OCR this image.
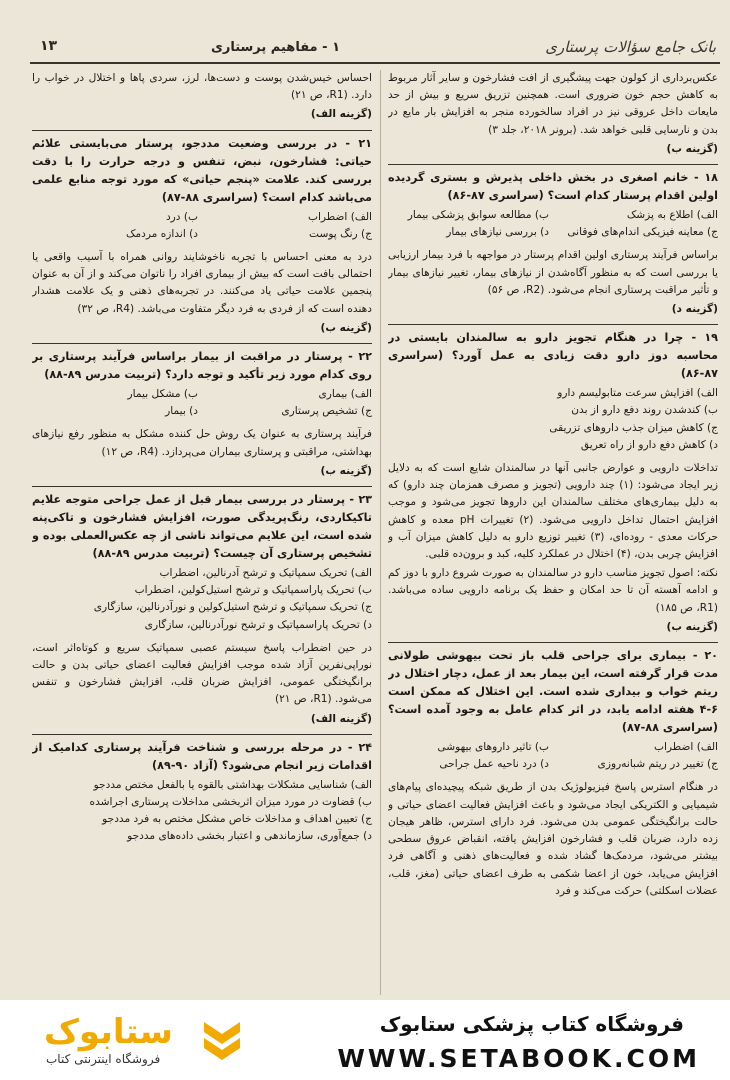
بانک جامع سؤالات پرستاری
۱ - مفاهیم پرستاری
۱۳

عکس‌برداری از کولون جهت پیشگیری از افت فشارخون و سایر آثار مربوط به کاهش حجم خون ضروری است. همچنین تزریق سریع و بیش از حد مایعات داخل عروقی نیز در افراد سالخورده منجر به افزایش بار مایع در بدن و نارسایی قلبی خواهد شد. (برونر ۲۰۱۸، جلد ۳)

(گزینه ب)

۱۸ - خانم اصغری در بخش داخلی پذیرش و بستری گردیده اولین اقدام پرستار کدام است؟ (سراسری ۸۷-۸۶)

الف) اطلاع به پزشک
ب) مطالعه سوابق پزشکی بیمار
ج) معاینه فیزیکی اندام‌های فوقانی
د) بررسی نیازهای بیمار

براساس فرآیند پرستاری اولین اقدام پرستار در مواجهه با فرد بیمار ارزیابی یا بررسی است که به منظور آگاه‌شدن از نیازهای بیمار، تغییر نیازهای بیمار و تأثیر مراقبت پرستاری انجام می‌شود. (R2، ص ۵۶)

(گزینه د)

۱۹ - چرا در هنگام تجویز دارو به سالمندان بایستی در محاسبه دوز دارو دقت زیادی به عمل آورد؟ (سراسری ۸۷-۸۶)

الف) افزایش سرعت متابولیسم دارو
ب) کندشدن روند دفع دارو از بدن
ج) کاهش میزان جذب داروهای تزریقی
د) کاهش دفع دارو از راه تعریق

تداخلات دارویی و عوارض جانبی آنها در سالمندان شایع است که به دلایل زیر ایجاد می‌شود: (۱) چند دارویی (تجویز و مصرف همزمان چند دارو) که به دلیل بیماری‌های مختلف سالمندان این داروها تجویز می‌شود و موجب افزایش احتمال تداخل دارویی می‌شود. (۲) تغییرات pH معده و کاهش حرکات معدی - روده‌ای، (۳) تغییر توزیع دارو به دلیل کاهش میزان آب و افزایش چربی بدن، (۴) اختلال در عملکرد کلیه، کبد و برون‌ده قلبی.

نکته: اصول تجویز مناسب دارو در سالمندان به صورت شروع دارو با دوز کم و ادامه آهسته آن تا حد امکان و حفظ یک برنامه دارویی ساده می‌باشد. (R1، ص ۱۸۵)

(گزینه ب)

۲۰ - بیماری برای جراحی قلب باز تحت بیهوشی طولانی مدت قرار گرفته است، این بیمار بعد از عمل، دچار اختلال در ریتم خواب و بیداری شده است. این اختلال که ممکن است ۶-۴ هفته ادامه یابد، در اثر کدام عامل به وجود آمده است؟ (سراسری ۸۸-۸۷)

الف) اضطراب
ب) تاثیر داروهای بیهوشی
ج) تغییر در ریتم شبانه‌روزی
د) درد ناحیه عمل جراحی

در هنگام استرس پاسخ فیزیولوژیک بدن از طریق شبکه پیچیده‌ای پیام‌های شیمیایی و الکتریکی ایجاد می‌شود و باعث افزایش فعالیت اعضای حیاتی و حالت برانگیختگی عمومی بدن می‌شود. فرد دارای استرس، ظاهر هیجان زده دارد، ضربان قلب و فشارخون افزایش یافته، انقباض عروق سطحی بیشتر می‌شود، مردمک‌ها گشاد شده و فعالیت‌های ذهنی و آگاهی فرد افزایش می‌یابد، خون از اعضا شکمی به طرف اعضای حیاتی (مغز، قلب، عضلات اسکلتی) حرکت می‌کند و فرد

احساس خیس‌شدن پوست و دست‌ها، لرز، سردی پاها و اختلال در خواب را دارد. (R1، ص ۲۱)

(گزینه الف)

۲۱ - در بررسی وضعیت مددجو، پرستار می‌بایستی علائم حیاتی: فشارخون، نبض، تنفس و درجه حرارت را با دقت بررسی کند. علامت «پنجم حیاتی» که مورد توجه منابع علمی می‌باشد کدام است؟ (سراسری ۸۸-۸۷)

الف) اضطراب
ب) درد
ج) رنگ پوست
د) اندازه مردمک

درد به معنی احساس با تجربه ناخوشایند روانی همراه با آسیب واقعی یا احتمالی بافت است که بیش از بیماری افراد را ناتوان می‌کند و از آن به عنوان پنجمین علامت حیاتی یاد می‌کنند. در تجربه‌های ذهنی و یک علامت هشدار دهنده است که از فردی به فرد دیگر متفاوت می‌باشد. (R4، ص ۳۲)

(گزینه ب)

۲۲ - پرستار در مراقبت از بیمار براساس فرآیند پرستاری بر روی کدام مورد زیر تأکید و توجه دارد؟ (تربیت مدرس ۸۹-۸۸)

الف) بیماری
ب) مشکل بیمار
ج) تشخیص پرستاری
د) بیمار

فرآیند پرستاری به عنوان یک روش حل کننده مشکل به منظور رفع نیازهای بهداشتی، مراقبتی و پرستاری بیماران می‌پردازد. (R4، ص ۱۲)

(گزینه ب)

۲۳ - پرستار در بررسی بیمار قبل از عمل جراحی متوجه علایم تاکیکاردی، رنگ‌پریدگی صورت، افزایش فشارخون و تاکی‌پنه شده است، این علایم می‌تواند ناشی از چه عکس‌العملی بوده و تشخیص پرستاری آن چیست؟ (تربیت مدرس ۸۹-۸۸)

الف) تحریک سمپاتیک و ترشح آدرنالین، اضطراب
ب) تحریک پاراسمپاتیک و ترشح استیل‌کولین، اضطراب
ج) تحریک سمپاتیک و ترشح استیل‌کولین و نورآدرنالین، سازگاری
د) تحریک پاراسمپاتیک و ترشح نورآدرنالین، سازگاری

در حین اضطراب پاسخ سیستم عصبی سمپاتیک سریع و کوتاه‌اثر است، نوراپی‌نفرین آزاد شده موجب افزایش فعالیت اعضای حیاتی بدن و حالت برانگیختگی عمومی، افزایش ضربان قلب، افزایش فشارخون و تنفس می‌شود. (R1، ص ۲۱)

(گزینه الف)

۲۴ - در مرحله بررسی و شناخت فرآیند پرستاری کدامیک از اقدامات زیر انجام می‌شود؟ (آزاد ۹۰-۸۹)

الف) شناسایی مشکلات بهداشتی بالقوه یا بالفعل مختص مددجو
ب) قضاوت در مورد میزان اثربخشی مداخلات پرستاری اجراشده
ج) تعیین اهداف و مداخلات خاص مشکل مختص به فرد مددجو
د) جمع‌آوری، سازماندهی و اعتبار بخشی داده‌های مددجو
ستابوک
فروشگاه اینترنتی کتاب
فروشگاه کتاب پزشکی ستابوک
WWW.SETABOOK.COM
